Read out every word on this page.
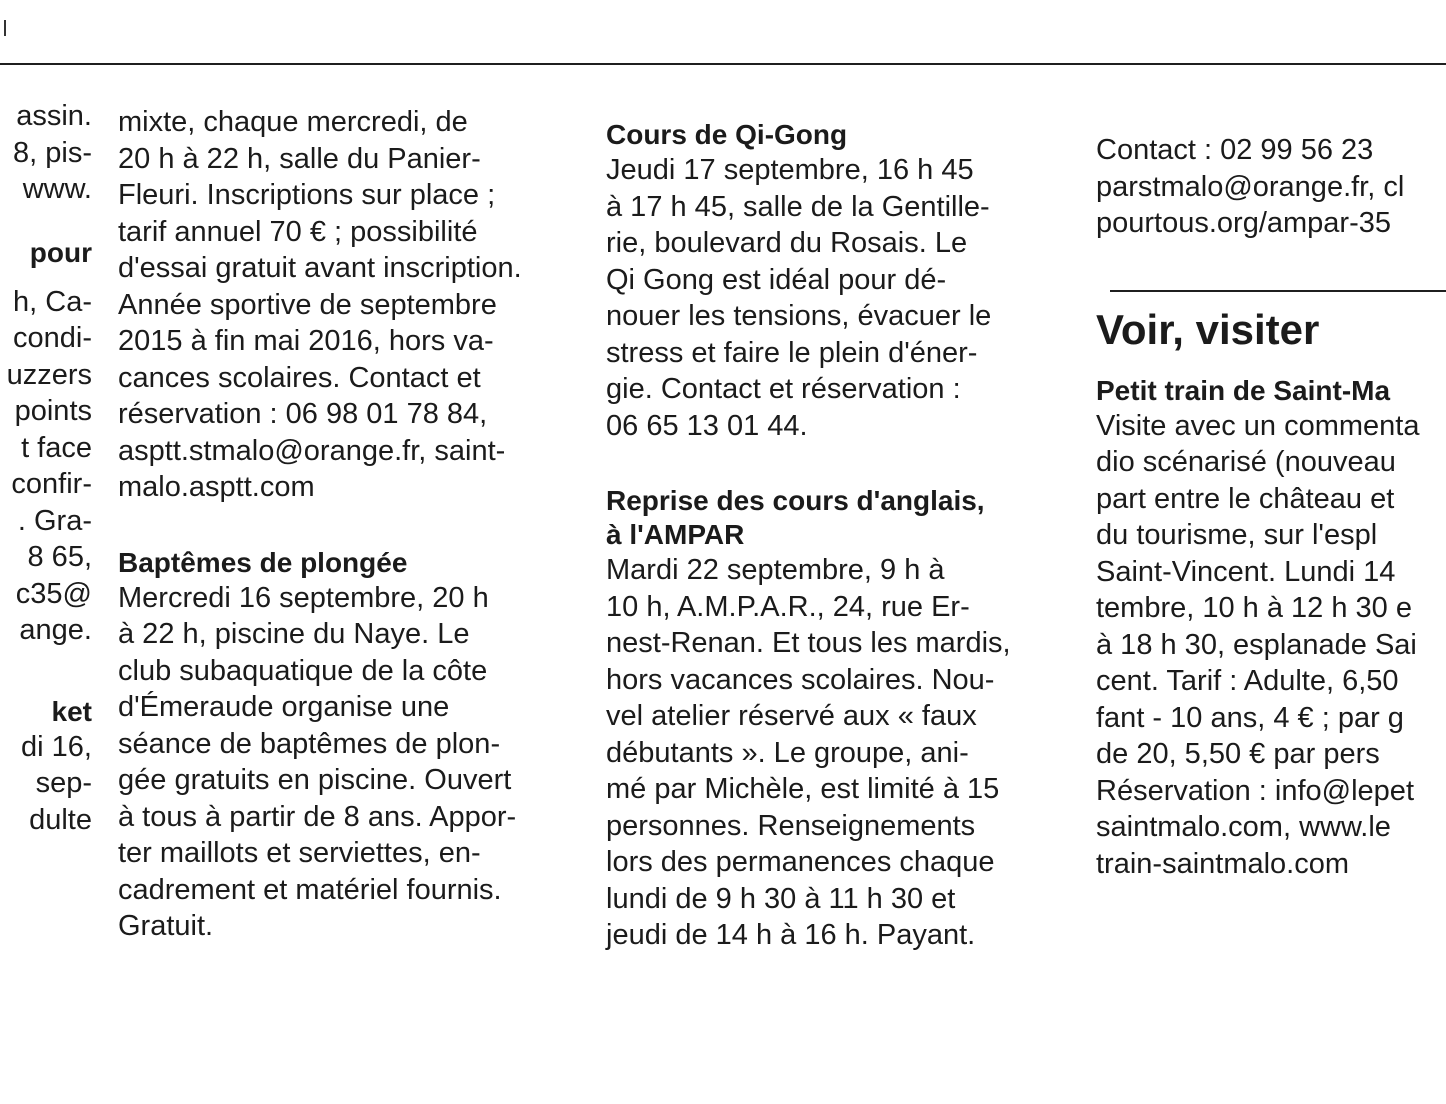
assin.
8, pis-
www.
pour
h, Ca-
condi-
uzzers
points
t face
confir-
. Gra-
8 65,
c35@
ange.
ket
di 16,
sep-
dulte
mixte, chaque mercredi, de
20 h à 22 h, salle du Panier-
Fleuri. Inscriptions sur place ;
tarif annuel 70 € ; possibilité
d'essai gratuit avant inscription.
Année sportive de septembre
2015 à fin mai 2016, hors va-
cances scolaires. Contact et
réservation : 06 98 01 78 84,
asptt.stmalo@orange.fr, saint-
malo.asptt.com
Baptêmes de plongée
Mercredi 16 septembre, 20 h
à 22 h, piscine du Naye. Le
club subaquatique de la côte
d'Émeraude organise une
séance de baptêmes de plon-
gée gratuits en piscine. Ouvert
à tous à partir de 8 ans. Appor-
ter maillots et serviettes, en-
cadrement et matériel fournis.
Gratuit.
Cours de Qi-Gong
Jeudi 17 septembre, 16 h 45
à 17 h 45, salle de la Gentille-
rie, boulevard du Rosais. Le
Qi Gong est idéal pour dé-
nouer les tensions, évacuer le
stress et faire le plein d'éner-
gie. Contact et réservation :
06 65 13 01 44.
Reprise des cours d'anglais,
à l'AMPAR
Mardi 22 septembre, 9 h à
10 h, A.M.P.A.R., 24, rue Er-
nest-Renan. Et tous les mardis,
hors vacances scolaires. Nou-
vel atelier réservé aux « faux
débutants ». Le groupe, ani-
mé par Michèle, est limité à 15
personnes. Renseignements
lors des permanences chaque
lundi de 9 h 30 à 11 h 30 et
jeudi de 14 h à 16 h. Payant.
Contact : 02 99 56 23
parstmalo@orange.fr, cl
pourtous.org/ampar-35
Voir, visiter
Petit train de Saint-Ma
Visite avec un commenta
dio scénarisé (nouveau
part entre le château et
du tourisme, sur l'espl
Saint-Vincent. Lundi 14
tembre, 10 h à 12 h 30 e
à 18 h 30, esplanade Sai
cent. Tarif : Adulte, 6,50
fant - 10 ans, 4 € ; par g
de 20, 5,50 € par pers
Réservation : info@lepet
saintmalo.com, www.le
train-saintmalo.com
